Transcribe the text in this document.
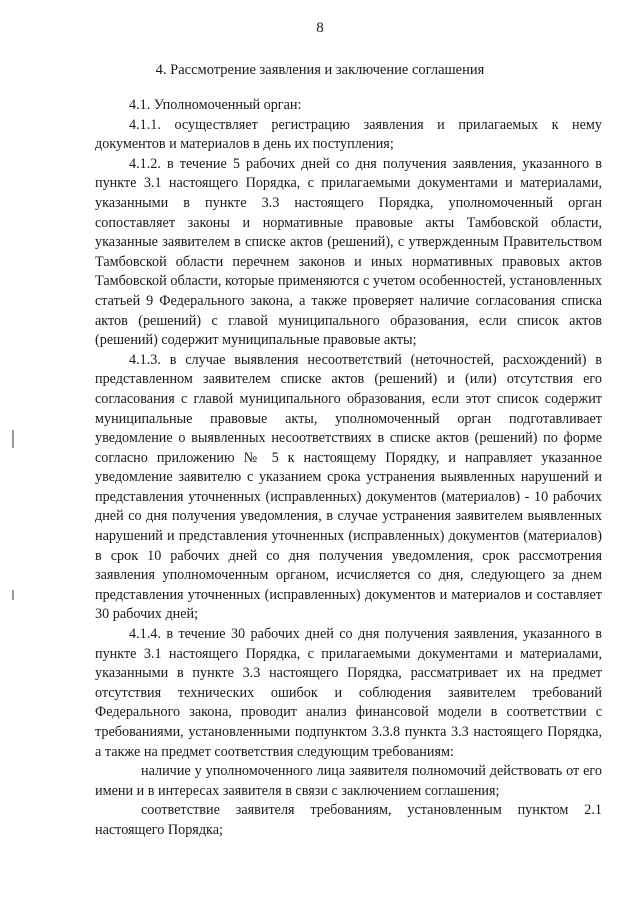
8
4. Рассмотрение заявления и заключение соглашения

4.1. Уполномоченный орган:

4.1.1. осуществляет регистрацию заявления и прилагаемых к нему документов и материалов в день их поступления;

4.1.2. в течение 5 рабочих дней со дня получения заявления, указанного в пункте 3.1 настоящего Порядка, с прилагаемыми документами и материалами, указанными в пункте 3.3 настоящего Порядка, уполномоченный орган сопоставляет законы и нормативные правовые акты Тамбовской области, указанные заявителем в списке актов (решений), с утвержденным Правительством Тамбовской области перечнем законов и иных нормативных правовых актов Тамбовской области, которые применяются с учетом особенностей, установленных статьей 9 Федерального закона, а также проверяет наличие согласования списка актов (решений) с главой муниципального образования, если список актов (решений) содержит муниципальные правовые акты;

4.1.3. в случае выявления несоответствий (неточностей, расхождений) в представленном заявителем списке актов (решений) и (или) отсутствия его согласования с главой муниципального образования, если этот список содержит муниципальные правовые акты, уполномоченный орган подготавливает уведомление о выявленных несоответствиях в списке актов (решений) по форме согласно приложению № 5 к настоящему Порядку, и направляет указанное уведомление заявителю с указанием срока устранения выявленных нарушений и представления уточненных (исправленных) документов (материалов) - 10 рабочих дней со дня получения уведомления, в случае устранения заявителем выявленных нарушений и представления уточненных (исправленных) документов (материалов) в срок 10 рабочих дней со дня получения уведомления, срок рассмотрения заявления уполномоченным органом, исчисляется со дня, следующего за днем представления уточненных (исправленных) документов и материалов и составляет 30 рабочих дней;

4.1.4. в течение 30 рабочих дней со дня получения заявления, указанного в пункте 3.1 настоящего Порядка, с прилагаемыми документами и материалами, указанными в пункте 3.3 настоящего Порядка, рассматривает их на предмет отсутствия технических ошибок и соблюдения заявителем требований Федерального закона, проводит анализ финансовой модели в соответствии с требованиями, установленными подпунктом 3.3.8 пункта 3.3 настоящего Порядка, а также на предмет соответствия следующим требованиям:

наличие у уполномоченного лица заявителя полномочий действовать от его имени и в интересах заявителя в связи с заключением соглашения;

соответствие заявителя требованиям, установленным пунктом 2.1 настоящего Порядка;
